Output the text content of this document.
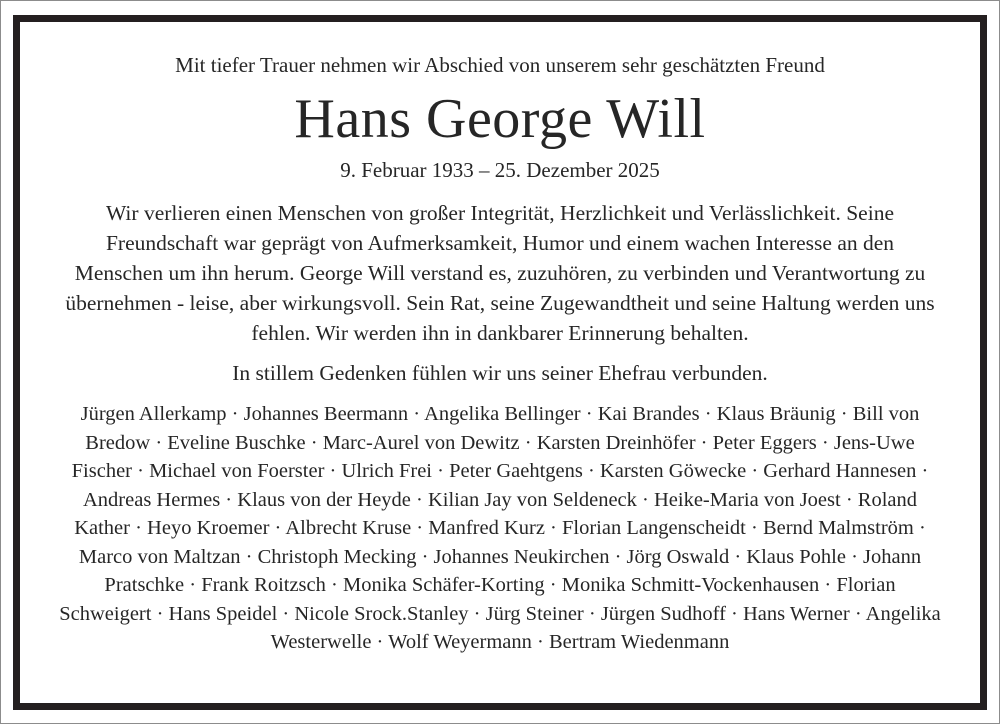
Mit tiefer Trauer nehmen wir Abschied von unserem sehr geschätzten Freund

Hans George Will

9. Februar 1933 – 25. Dezember 2025

Wir verlieren einen Menschen von großer Integrität, Herzlichkeit und Verlässlichkeit. Seine Freundschaft war geprägt von Aufmerksamkeit, Humor und einem wachen Interesse an den Menschen um ihn herum. George Will verstand es, zuzuhören, zu verbinden und Verantwortung zu übernehmen - leise, aber wirkungsvoll. Sein Rat, seine Zugewandtheit und seine Haltung werden uns fehlen. Wir werden ihn in dankbarer Erinnerung behalten.

In stillem Gedenken fühlen wir uns seiner Ehefrau verbunden.

Jürgen Allerkamp · Johannes Beermann · Angelika Bellinger · Kai Brandes · Klaus Bräunig · Bill von Bredow · Eveline Buschke · Marc-Aurel von Dewitz · Karsten Dreinhöfer · Peter Eggers · Jens-Uwe Fischer · Michael von Foerster · Ulrich Frei · Peter Gaehtgens · Karsten Göwecke · Gerhard Hannesen · Andreas Hermes · Klaus von der Heyde · Kilian Jay von Seldeneck · Heike-Maria von Joest · Roland Kather · Heyo Kroemer · Albrecht Kruse · Manfred Kurz · Florian Langenscheidt · Bernd Malmström · Marco von Maltzan · Christoph Mecking · Johannes Neukirchen · Jörg Oswald · Klaus Pohle · Johann Pratschke · Frank Roitzsch · Monika Schäfer-Korting · Monika Schmitt-Vockenhausen · Florian Schweigert · Hans Speidel · Nicole Srock.Stanley · Jürg Steiner · Jürgen Sudhoff · Hans Werner · Angelika Westerwelle · Wolf Weyermann · Bertram Wiedenmann
